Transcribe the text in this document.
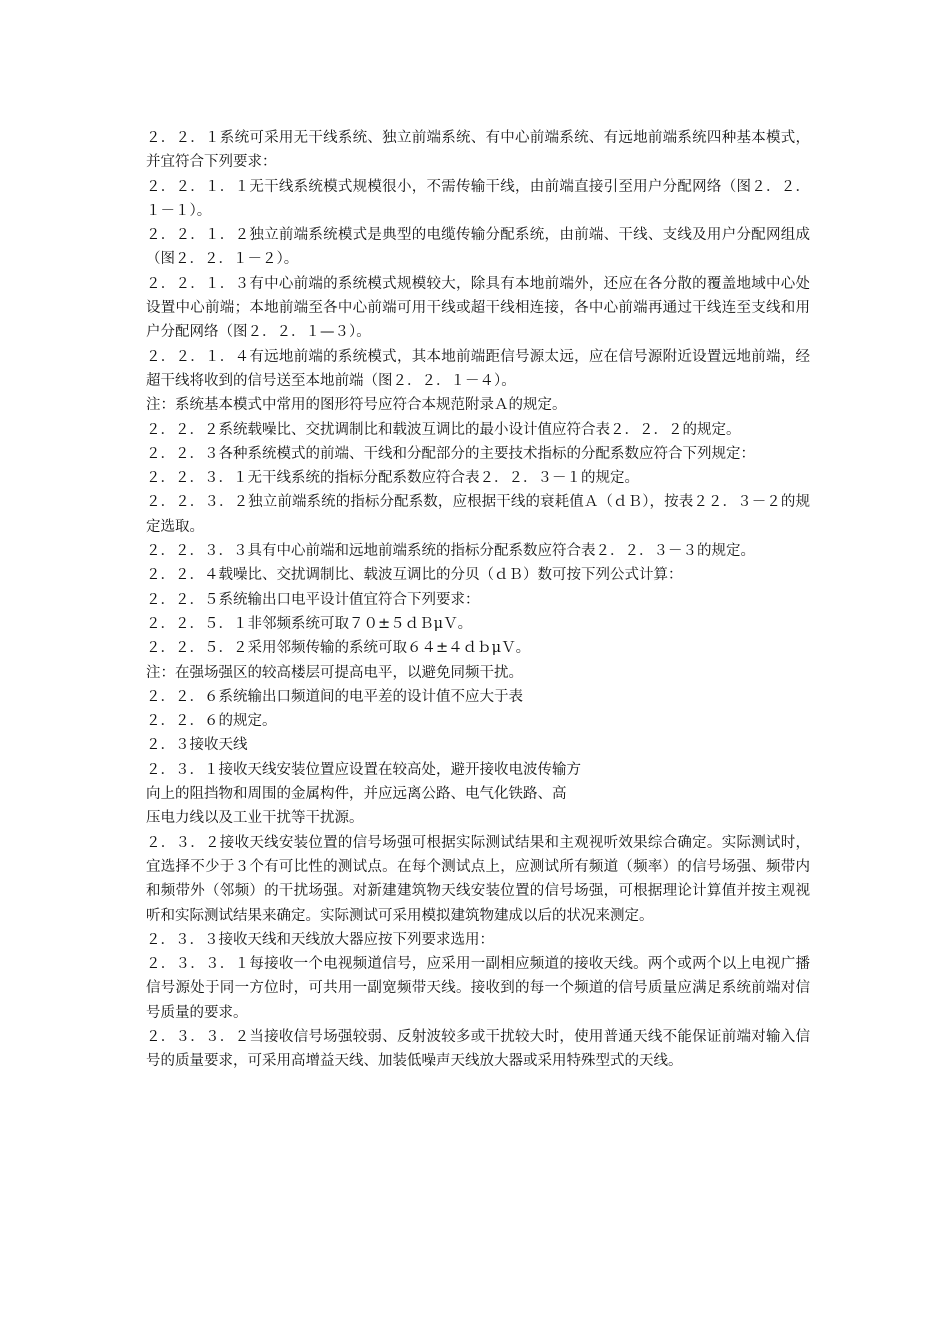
２．２．１系统可采用无干线系统、独立前端系统、有中心前端系统、有远地前端系统四种基本模式，并宜符合下列要求：

２．２．１．１无干线系统模式规模很小，不需传输干线，由前端直接引至用户分配网络（图２．２．１－１）。

２．２．１．２独立前端系统模式是典型的电缆传输分配系统，由前端、干线、支线及用户分配网组成（图２．２．１－２）。

２．２．１．３有中心前端的系统模式规模较大，除具有本地前端外，还应在各分散的覆盖地域中心处设置中心前端；本地前端至各中心前端可用干线或超干线相连接，各中心前端再通过干线连至支线和用户分配网络（图２．２．１—３）。

２．２．１．４有远地前端的系统模式，其本地前端距信号源太远，应在信号源附近设置远地前端，经超干线将收到的信号送至本地前端（图２．２．１－４）。

注：系统基本模式中常用的图形符号应符合本规范附录Ａ的规定。

２．２．２系统载噪比、交扰调制比和载波互调比的最小设计值应符合表２．２．２的规定。

２．２．３各种系统模式的前端、干线和分配部分的主要技术指标的分配系数应符合下列规定：

２．２．３．１无干线系统的指标分配系数应符合表２．２．３－１的规定。

２．２．３．２独立前端系统的指标分配系数，应根据干线的衰耗值Ａ（ｄＢ），按表２２．３－２的规定选取。

２．２．３．３具有中心前端和远地前端系统的指标分配系数应符合表２．２．３－３的规定。

２．２．４载噪比、交扰调制比、载波互调比的分贝（ｄＢ）数可按下列公式计算：

２．２．５系统输出口电平设计值宜符合下列要求：

２．２．５．１非邻频系统可取７０±５ｄＢμＶ。

２．２．５．２采用邻频传输的系统可取６４±４ｄｂμＶ。

注：在强场强区的较高楼层可提高电平，以避免同频干扰。

２．２．６系统输出口频道间的电平差的设计值不应大于表

２．２．６的规定。

２．３接收天线

２．３．１接收天线安装位置应设置在较高处，避开接收电波传输方

向上的阻挡物和周围的金属构件，并应远离公路、电气化铁路、高

压电力线以及工业干扰等干扰源。

２．３．２接收天线安装位置的信号场强可根据实际测试结果和主观视听效果综合确定。实际测试时，宜选择不少于３个有可比性的测试点。在每个测试点上，应测试所有频道（频率）的信号场强、频带内和频带外（邻频）的干扰场强。对新建建筑物天线安装位置的信号场强，可根据理论计算值并按主观视听和实际测试结果来确定。实际测试可采用模拟建筑物建成以后的状况来测定。

２．３．３接收天线和天线放大器应按下列要求选用：

２．３．３．１每接收一个电视频道信号，应采用一副相应频道的接收天线。两个或两个以上电视广播信号源处于同一方位时，可共用一副宽频带天线。接收到的每一个频道的信号质量应满足系统前端对信号质量的要求。

２．３．３．２当接收信号场强较弱、反射波较多或干扰较大时，使用普通天线不能保证前端对输入信号的质量要求，可采用高增益天线、加装低噪声天线放大器或采用特殊型式的天线。
